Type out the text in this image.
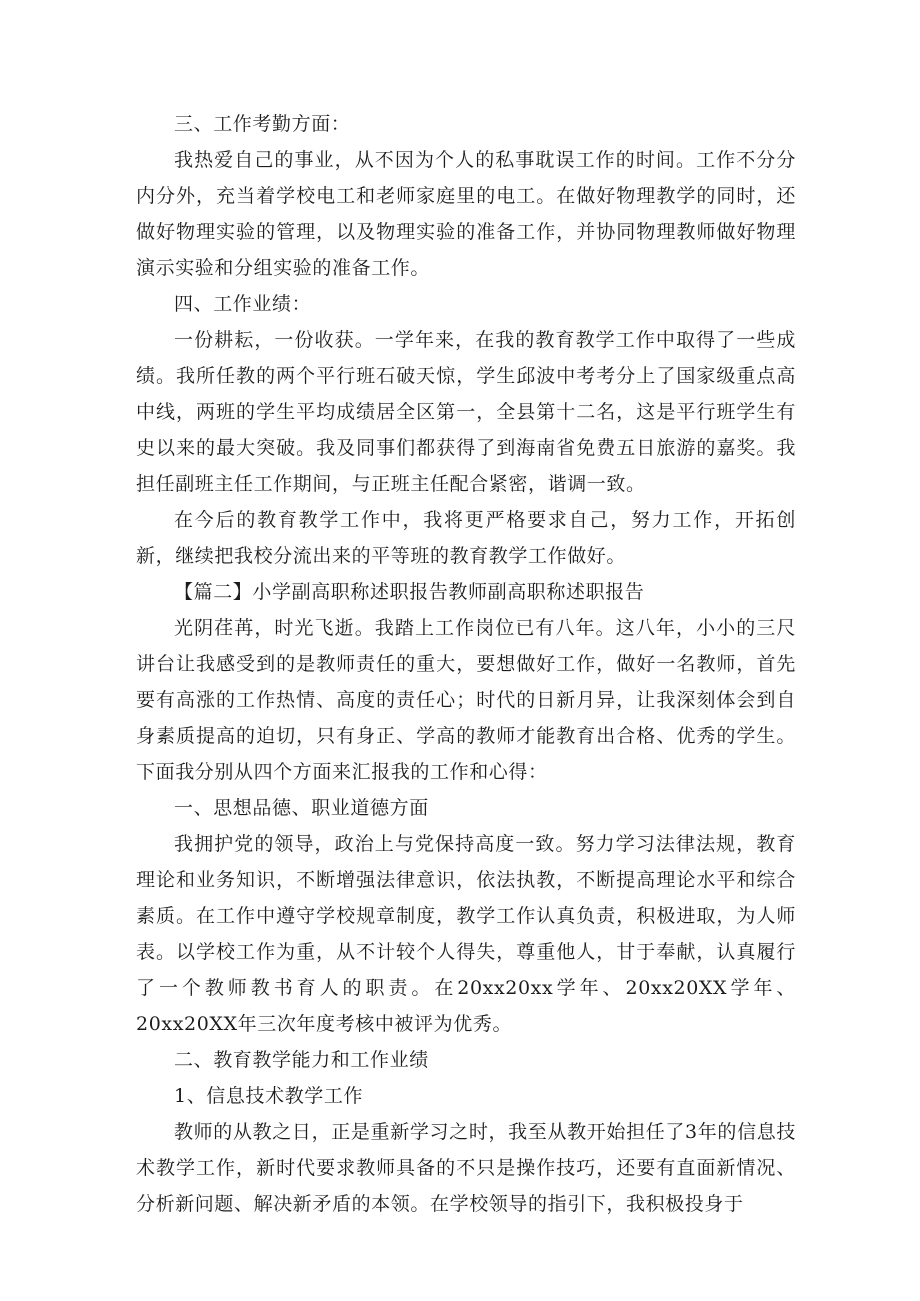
三、工作考勤方面：

我热爱自己的事业，从不因为个人的私事耽误工作的时间。工作不分分内分外，充当着学校电工和老师家庭里的电工。在做好物理教学的同时，还做好物理实验的管理，以及物理实验的准备工作，并协同物理教师做好物理演示实验和分组实验的准备工作。

四、工作业绩：

一份耕耘，一份收获。一学年来，在我的教育教学工作中取得了一些成绩。我所任教的两个平行班石破天惊，学生邱波中考考分上了国家级重点高中线，两班的学生平均成绩居全区第一，全县第十二名，这是平行班学生有史以来的最大突破。我及同事们都获得了到海南省免费五日旅游的嘉奖。我担任副班主任工作期间，与正班主任配合紧密，谐调一致。

在今后的教育教学工作中，我将更严格要求自己，努力工作，开拓创新，继续把我校分流出来的平等班的教育教学工作做好。

【篇二】小学副高职称述职报告教师副高职称述职报告

光阴荏苒，时光飞逝。我踏上工作岗位已有八年。这八年，小小的三尺讲台让我感受到的是教师责任的重大，要想做好工作，做好一名教师，首先要有高涨的工作热情、高度的责任心；时代的日新月异，让我深刻体会到自身素质提高的迫切，只有身正、学高的教师才能教育出合格、优秀的学生。下面我分别从四个方面来汇报我的工作和心得：

一、思想品德、职业道德方面

我拥护党的领导，政治上与党保持高度一致。努力学习法律法规，教育理论和业务知识，不断增强法律意识，依法执教，不断提高理论水平和综合素质。在工作中遵守学校规章制度，教学工作认真负责，积极进取，为人师表。以学校工作为重，从不计较个人得失，尊重他人，甘于奉献，认真履行了一个教师教书育人的职责。在20xx20xx学年、20xx20XX学年、20xx20XX年三次年度考核中被评为优秀。

二、教育教学能力和工作业绩

1、信息技术教学工作

教师的从教之日，正是重新学习之时，我至从教开始担任了3年的信息技术教学工作，新时代要求教师具备的不只是操作技巧，还要有直面新情况、分析新问题、解决新矛盾的本领。在学校领导的指引下，我积极投身于
